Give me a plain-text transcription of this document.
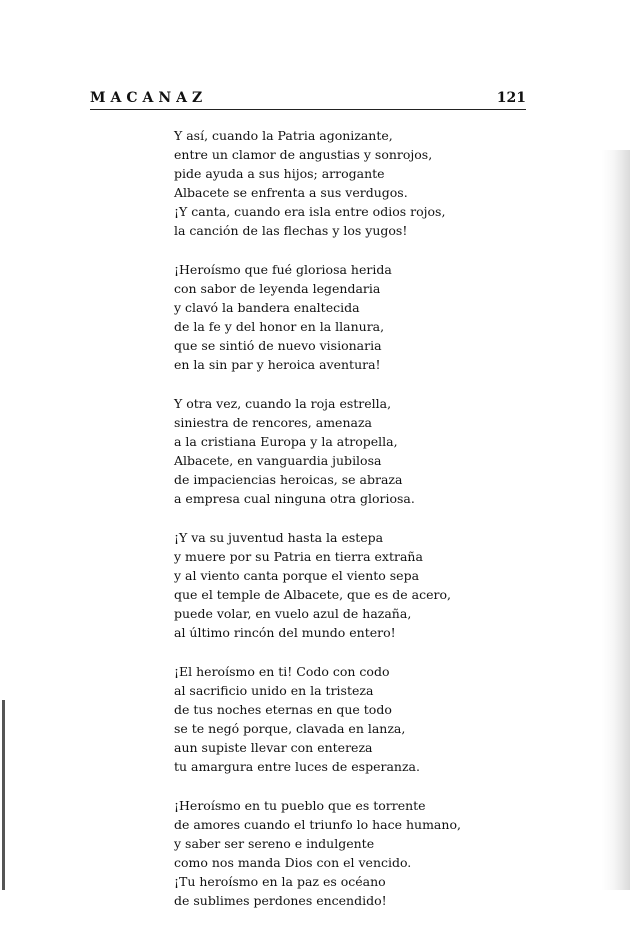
MACANAZ	121
Y así, cuando la Patria agonizante,
entre un clamor de angustias y sonrojos,
pide ayuda a sus hijos; arrogante
Albacete se enfrenta a sus verdugos.
¡Y canta, cuando era isla entre odios rojos,
la canción de las flechas y los yugos!
¡Heroísmo que fué gloriosa herida
con sabor de leyenda legendaria
y clavó la bandera enaltecida
de la fe y del honor en la llanura,
que se sintió de nuevo visionaria
en la sin par y heroica aventura!
Y otra vez, cuando la roja estrella,
siniestra de rencores, amenaza
a la cristiana Europa y la atropella,
Albacete, en vanguardia jubilosa
de impaciencias heroicas, se abraza
a empresa cual ninguna otra gloriosa.
¡Y va su juventud hasta la estepa
y muere por su Patria en tierra extraña
y al viento canta porque el viento sepa
que el temple de Albacete, que es de acero,
puede volar, en vuelo azul de hazaña,
al último rincón del mundo entero!
¡El heroísmo en ti! Codo con codo
al sacrificio unido en la tristeza
de tus noches eternas en que todo
se te negó porque, clavada en lanza,
aun supiste llevar con entereza
tu amargura entre luces de esperanza.
¡Heroísmo en tu pueblo que es torrente
de amores cuando el triunfo lo hace humano,
y saber ser sereno e indulgente
como nos manda Dios con el vencido.
¡Tu heroísmo en la paz es océano
de sublimes perdones encendido!
